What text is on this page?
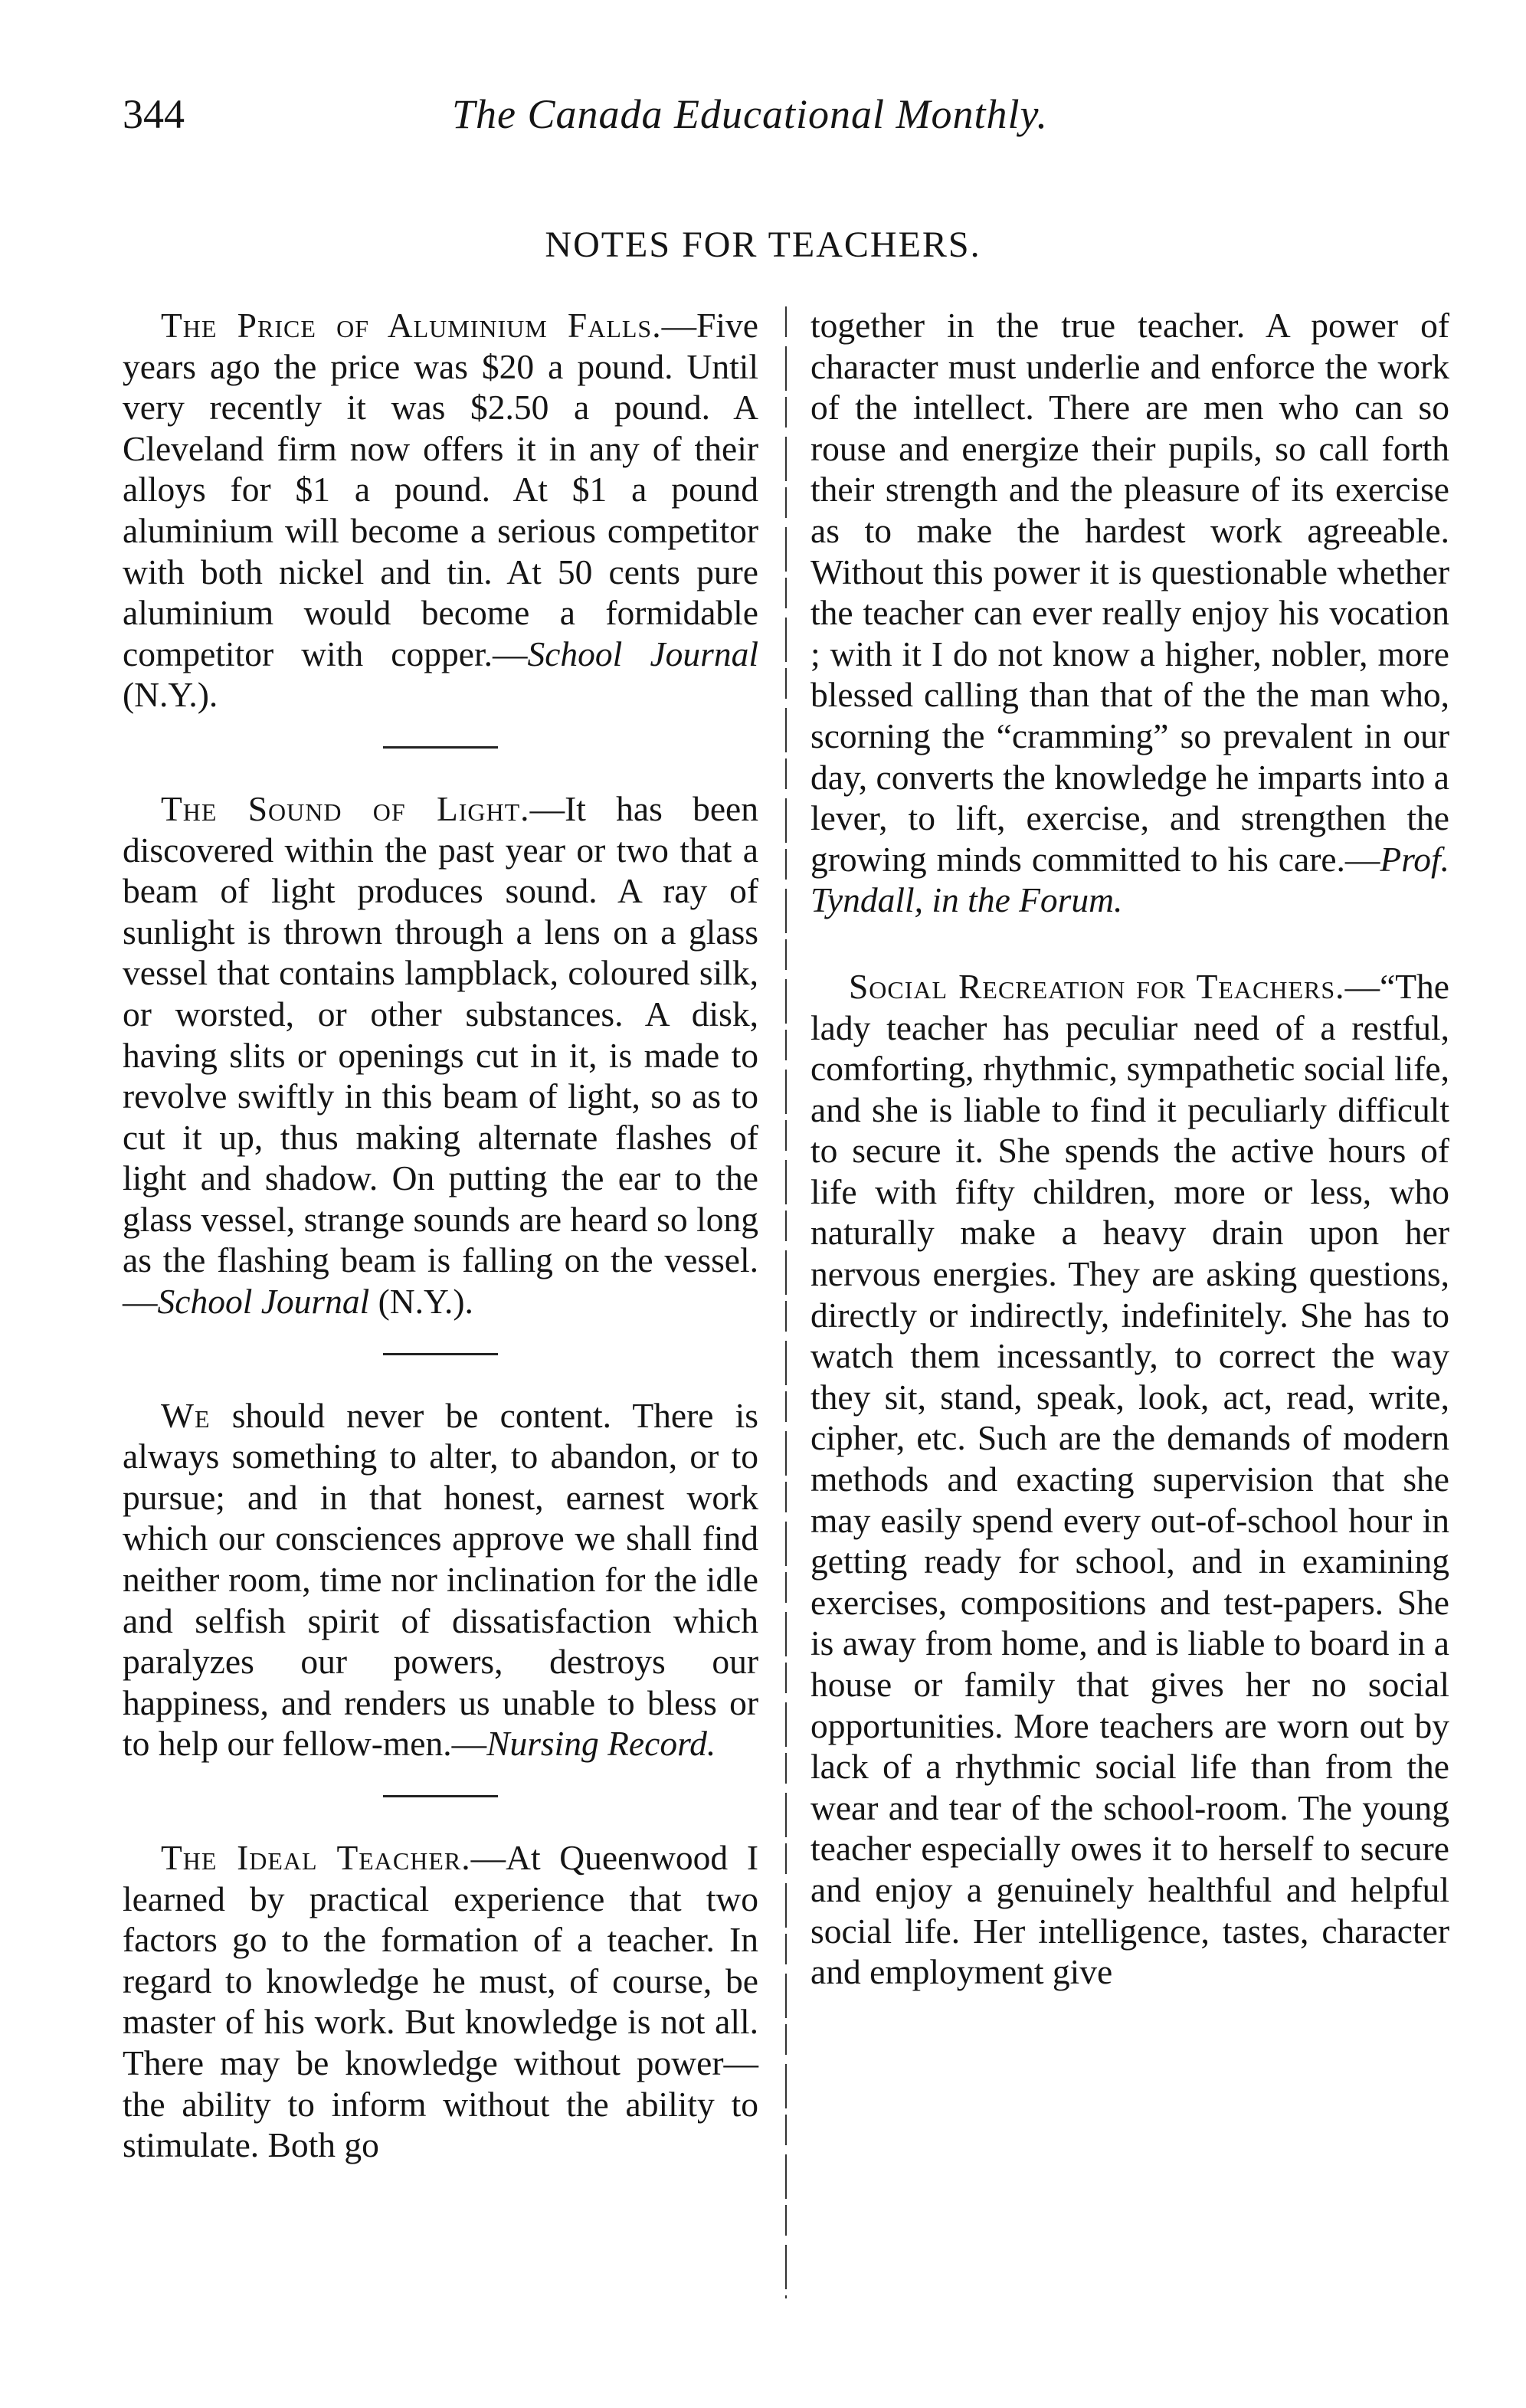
344	The Canada Educational Monthly.
NOTES FOR TEACHERS.

The Price of Aluminium Falls.—Five years ago the price was $20 a pound. Until very recently it was $2.50 a pound. A Cleveland firm now offers it in any of their alloys for $1 a pound. At $1 a pound aluminium will become a serious competitor with both nickel and tin. At 50 cents pure aluminium would become a formidable competitor with copper.—School Journal (N.Y.).

The Sound of Light.—It has been discovered within the past year or two that a beam of light produces sound. A ray of sunlight is thrown through a lens on a glass vessel that contains lampblack, coloured silk, or worsted, or other substances. A disk, having slits or openings cut in it, is made to revolve swiftly in this beam of light, so as to cut it up, thus making alternate flashes of light and shadow. On putting the ear to the glass vessel, strange sounds are heard so long as the flashing beam is falling on the vessel.—School Journal (N.Y.).

We should never be content. There is always something to alter, to abandon, or to pursue; and in that honest, earnest work which our consciences approve we shall find neither room, time nor inclination for the idle and selfish spirit of dissatisfaction which paralyzes our powers, destroys our happiness, and renders us unable to bless or to help our fellow-men.—Nursing Record.

The Ideal Teacher.—At Queenwood I learned by practical experience that two factors go to the formation of a teacher. In regard to knowledge he must, of course, be master of his work. But knowledge is not all. There may be knowledge without power—the ability to inform without the ability to stimulate. Both go

together in the true teacher. A power of character must underlie and enforce the work of the intellect. There are men who can so rouse and energize their pupils, so call forth their strength and the pleasure of its exercise as to make the hardest work agreeable. Without this power it is questionable whether the teacher can ever really enjoy his vocation ; with it I do not know a higher, nobler, more blessed calling than that of the the man who, scorning the “cramming” so prevalent in our day, converts the knowledge he imparts into a lever, to lift, exercise, and strengthen the growing minds committed to his care.—Prof. Tyndall, in the Forum.

Social Recreation for Teachers.—“The lady teacher has peculiar need of a restful, comforting, rhythmic, sympathetic social life, and she is liable to find it peculiarly difficult to secure it. She spends the active hours of life with fifty children, more or less, who naturally make a heavy drain upon her nervous energies. They are asking questions, directly or indirectly, indefinitely. She has to watch them incessantly, to correct the way they sit, stand, speak, look, act, read, write, cipher, etc. Such are the demands of modern methods and exacting supervision that she may easily spend every out-of-school hour in getting ready for school, and in examining exercises, compositions and test-papers. She is away from home, and is liable to board in a house or family that gives her no social opportunities. More teachers are worn out by lack of a rhythmic social life than from the wear and tear of the school-room. The young teacher especially owes it to herself to secure and enjoy a genuinely healthful and helpful social life. Her intelligence, tastes, character and employment give
